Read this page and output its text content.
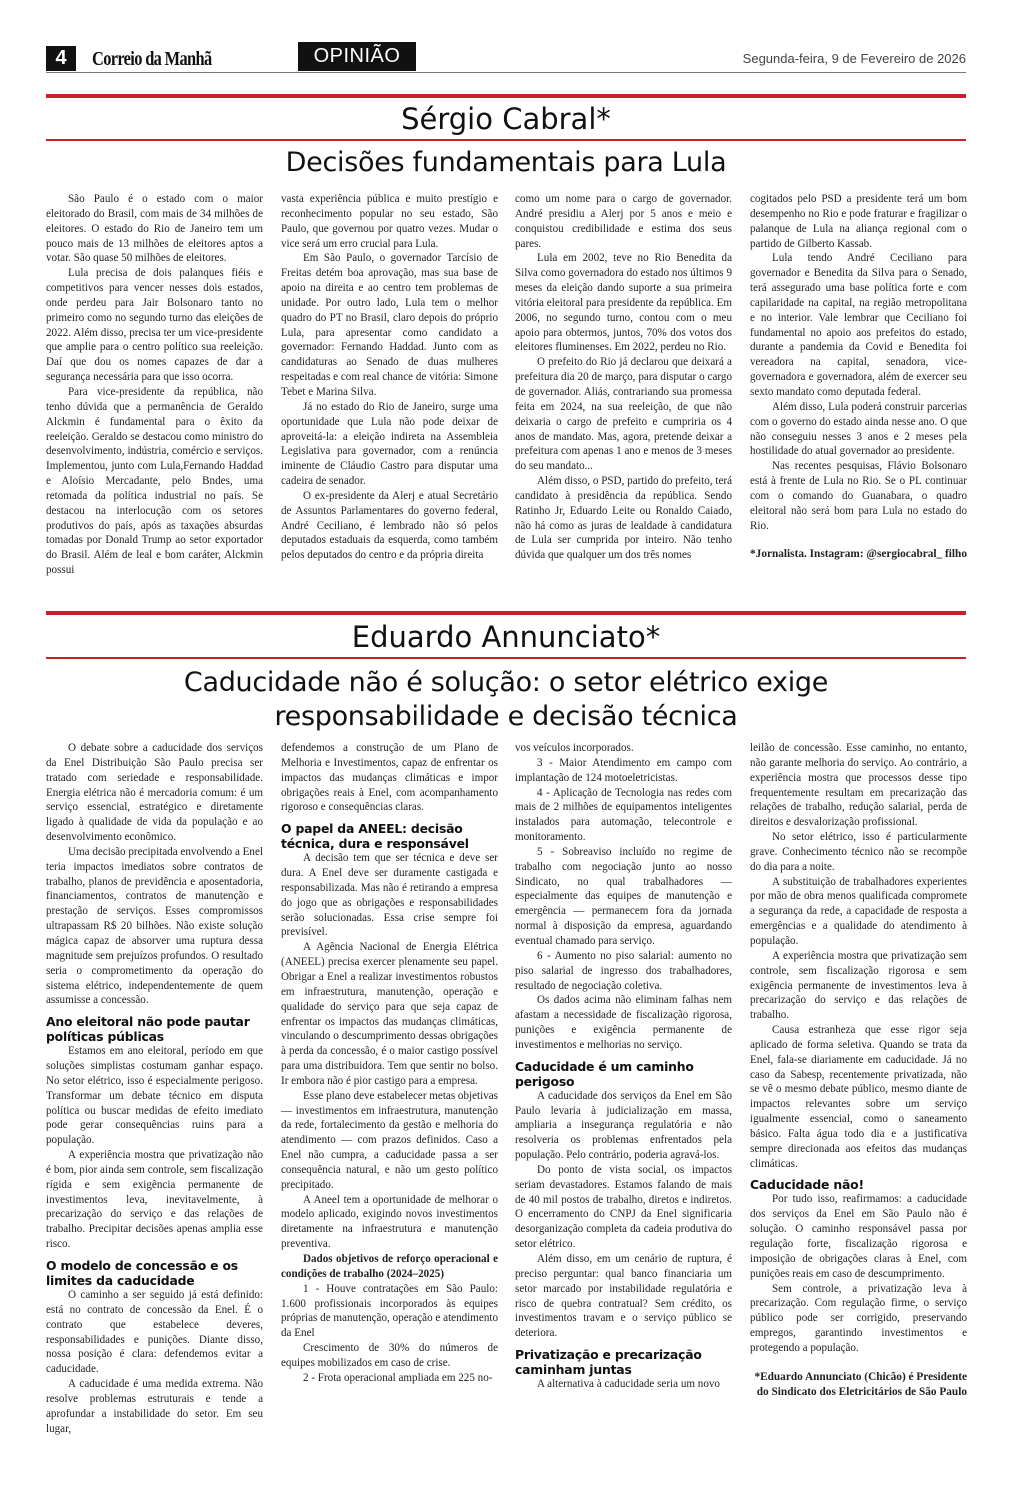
4	Correio da Manhã	OPINIÃO	Segunda-feira, 9 de Fevereiro de 2026
Sérgio Cabral*
Decisões fundamentais para Lula

São Paulo é o estado com o maior eleitorado do Brasil, com mais de 34 milhões de eleitores. O estado do Rio de Janeiro tem um pouco mais de 13 milhões de eleitores aptos a votar. São quase 50 milhões de eleitores.

Lula precisa de dois palanques fiéis e competitivos para vencer nesses dois estados, onde perdeu para Jair Bolsonaro tanto no primeiro como no segundo turno das eleições de 2022. Além disso, precisa ter um vice-presidente que amplie para o centro político sua reeleição. Daí que dou os nomes capazes de dar a segurança necessária para que isso ocorra.

Para vice-presidente da república, não tenho dúvida que a permanência de Geraldo Alckmin é fundamental para o êxito da reeleição. Geraldo se destacou como ministro do desenvolvimento, indústria, comércio e serviços. Implementou, junto com Lula,Fernando Haddad e Aloísio Mercadante, pelo Bndes, uma retomada da política industrial no país. Se destacou na interlocução com os setores produtivos do país, após as taxações absurdas tomadas por Donald Trump ao setor exportador do Brasil. Além de leal e bom caráter, Alckmin possui

vasta experiência pública e muito prestígio e reconhecimento popular no seu estado, São Paulo, que governou por quatro vezes. Mudar o vice será um erro crucial para Lula.

Em São Paulo, o governador Tarcísio de Freitas detém boa aprovação, mas sua base de apoio na direita e ao centro tem problemas de unidade. Por outro lado, Lula tem o melhor quadro do PT no Brasil, claro depois do próprio Lula, para apresentar como candidato a governador: Fernando Haddad. Junto com as candidaturas ao Senado de duas mulheres respeitadas e com real chance de vitória: Simone Tebet e Marina Silva.

Já no estado do Rio de Janeiro, surge uma oportunidade que Lula não pode deixar de aproveitá-la: a eleição indireta na Assembleia Legislativa para governador, com a renúncia iminente de Cláudio Castro para disputar uma cadeira de senador.

O ex-presidente da Alerj e atual Secretário de Assuntos Parlamentares do governo federal, André Ceciliano, é lembrado não só pelos deputados estaduais da esquerda, como também pelos deputados do centro e da própria direita

como um nome para o cargo de governador. André presidiu a Alerj por 5 anos e meio e conquistou credibilidade e estima dos seus pares.

Lula em 2002, teve no Rio Benedita da Silva como governadora do estado nos últimos 9 meses da eleição dando suporte a sua primeira vitória eleitoral para presidente da república. Em 2006, no segundo turno, contou com o meu apoio para obtermos, juntos, 70% dos votos dos eleitores fluminenses. Em 2022, perdeu no Rio.

O prefeito do Rio já declarou que deixará a prefeitura dia 20 de março, para disputar o cargo de governador. Aliás, contrariando sua promessa feita em 2024, na sua reeleição, de que não deixaria o cargo de prefeito e cumpriria os 4 anos de mandato. Mas, agora, pretende deixar a prefeitura com apenas 1 ano e menos de 3 meses do seu mandato...

Além disso, o PSD, partido do prefeito, terá candidato à presidência da república. Sendo Ratinho Jr, Eduardo Leite ou Ronaldo Caiado, não há como as juras de lealdade à candidatura de Lula ser cumprida por inteiro. Não tenho dúvida que qualquer um dos três nomes

cogitados pelo PSD a presidente terá um bom desempenho no Rio e pode fraturar e fragilizar o palanque de Lula na aliança regional com o partido de Gilberto Kassab.

Lula tendo André Ceciliano para governador e Benedita da Silva para o Senado, terá assegurado uma base política forte e com capilaridade na capital, na região metropolitana e no interior. Vale lembrar que Ceciliano foi fundamental no apoio aos prefeitos do estado, durante a pandemia da Covid e Benedita foi vereadora na capital, senadora, vice-governadora e governadora, além de exercer seu sexto mandato como deputada federal.

Além disso, Lula poderá construir parcerias com o governo do estado ainda nesse ano. O que não conseguiu nesses 3 anos e 2 meses pela hostilidade do atual governador ao presidente.

Nas recentes pesquisas, Flávio Bolsonaro está à frente de Lula no Rio. Se o PL continuar com o comando do Guanabara, o quadro eleitoral não será bom para Lula no estado do Rio.

*Jornalista. Instagram: @sergiocabral_ filho

Eduardo Annunciato*
Caducidade não é solução: o setor elétrico exige
responsabilidade e decisão técnica

O debate sobre a caducidade dos serviços da Enel Distribuição São Paulo precisa ser tratado com seriedade e responsabilidade. Energia elétrica não é mercadoria comum: é um serviço essencial, estratégico e diretamente ligado à qualidade de vida da população e ao desenvolvimento econômico.

Uma decisão precipitada envolvendo a Enel teria impactos imediatos sobre contratos de trabalho, planos de previdência e aposentadoria, financiamentos, contratos de manutenção e prestação de serviços. Esses compromissos ultrapassam R$ 20 bilhões. Não existe solução mágica capaz de absorver uma ruptura dessa magnitude sem prejuízos profundos. O resultado seria o comprometimento da operação do sistema elétrico, independentemente de quem assumisse a concessão.

Ano eleitoral não pode pautar políticas públicas

Estamos em ano eleitoral, período em que soluções simplistas costumam ganhar espaço. No setor elétrico, isso é especialmente perigoso. Transformar um debate técnico em disputa política ou buscar medidas de efeito imediato pode gerar consequências ruins para a população.

A experiência mostra que privatização não é bom, pior ainda sem controle, sem fiscalização rígida e sem exigência permanente de investimentos leva, inevitavelmente, à precarização do serviço e das relações de trabalho. Precipitar decisões apenas amplia esse risco.

O modelo de concessão e os limites da caducidade

O caminho a ser seguido já está definido: está no contrato de concessão da Enel. É o contrato que estabelece deveres, responsabilidades e punições. Diante disso, nossa posição é clara: defendemos evitar a caducidade.

A caducidade é uma medida extrema. Não resolve problemas estruturais e tende a aprofundar a instabilidade do setor. Em seu lugar,

defendemos a construção de um Plano de Melhoria e Investimentos, capaz de enfrentar os impactos das mudanças climáticas e impor obrigações reais à Enel, com acompanhamento rigoroso e consequências claras.

O papel da ANEEL: decisão técnica, dura e responsável

A decisão tem que ser técnica e deve ser dura. A Enel deve ser duramente castigada e responsabilizada. Mas não é retirando a empresa do jogo que as obrigações e responsabilidades serão solucionadas. Essa crise sempre foi previsível.

A Agência Nacional de Energia Elétrica (ANEEL) precisa exercer plenamente seu papel. Obrigar a Enel a realizar investimentos robustos em infraestrutura, manutenção, operação e qualidade do serviço para que seja capaz de enfrentar os impactos das mudanças climáticas, vinculando o descumprimento dessas obrigações à perda da concessão, é o maior castigo possível para uma distribuidora. Tem que sentir no bolso. Ir embora não é pior castigo para a empresa.

Esse plano deve estabelecer metas objetivas — investimentos em infraestrutura, manutenção da rede, fortalecimento da gestão e melhoria do atendimento — com prazos definidos. Caso a Enel não cumpra, a caducidade passa a ser consequência natural, e não um gesto político precipitado.

A Aneel tem a oportunidade de melhorar o modelo aplicado, exigindo novos investimentos diretamente na infraestrutura e manutenção preventiva.

Dados objetivos de reforço operacional e condições de trabalho (2024–2025)

1 - Houve contratações em São Paulo: 1.600 profissionais incorporados às equipes próprias de manutenção, operação e atendimento da Enel

Crescimento de 30% do números de equipes mobilizados em caso de crise.

2 - Frota operacional ampliada em 225 no-

vos veículos incorporados.

3 - Maior Atendimento em campo com implantação de 124 motoeletricistas.

4 - Aplicação de Tecnologia nas redes com mais de 2 milhões de equipamentos inteligentes instalados para automação, telecontrole e monitoramento.

5 - Sobreaviso incluído no regime de trabalho com negociação junto ao nosso Sindicato, no qual trabalhadores — especialmente das equipes de manutenção e emergência — permanecem fora da jornada normal à disposição da empresa, aguardando eventual chamado para serviço.

6 - Aumento no piso salarial: aumento no piso salarial de ingresso dos trabalhadores, resultado de negociação coletiva.

Os dados acima não eliminam falhas nem afastam a necessidade de fiscalização rigorosa, punições e exigência permanente de investimentos e melhorias no serviço.

Caducidade é um caminho perigoso

A caducidade dos serviços da Enel em São Paulo levaria à judicialização em massa, ampliaria a insegurança regulatória e não resolveria os problemas enfrentados pela população. Pelo contrário, poderia agravá-los.

Do ponto de vista social, os impactos seriam devastadores. Estamos falando de mais de 40 mil postos de trabalho, diretos e indiretos. O encerramento do CNPJ da Enel significaria desorganização completa da cadeia produtiva do setor elétrico.

Além disso, em um cenário de ruptura, é preciso perguntar: qual banco financiaria um setor marcado por instabilidade regulatória e risco de quebra contratual? Sem crédito, os investimentos travam e o serviço público se deteriora.

Privatização e precarização caminham juntas

A alternativa à caducidade seria um novo

leilão de concessão. Esse caminho, no entanto, não garante melhoria do serviço. Ao contrário, a experiência mostra que processos desse tipo frequentemente resultam em precarização das relações de trabalho, redução salarial, perda de direitos e desvalorização profissional.

No setor elétrico, isso é particularmente grave. Conhecimento técnico não se recompõe do dia para a noite.

A substituição de trabalhadores experientes por mão de obra menos qualificada compromete a segurança da rede, a capacidade de resposta a emergências e a qualidade do atendimento à população.

A experiência mostra que privatização sem controle, sem fiscalização rigorosa e sem exigência permanente de investimentos leva à precarização do serviço e das relações de trabalho.

Causa estranheza que esse rigor seja aplicado de forma seletiva. Quando se trata da Enel, fala-se diariamente em caducidade. Já no caso da Sabesp, recentemente privatizada, não se vê o mesmo debate público, mesmo diante de impactos relevantes sobre um serviço igualmente essencial, como o saneamento básico. Falta água todo dia e a justificativa sempre direcionada aos efeitos das mudanças climáticas.

Caducidade não!

Por tudo isso, reafirmamos: a caducidade dos serviços da Enel em São Paulo não é solução. O caminho responsável passa por regulação forte, fiscalização rigorosa e imposição de obrigações claras à Enel, com punições reais em caso de descumprimento.

Sem controle, a privatização leva à precarização. Com regulação firme, o serviço público pode ser corrigido, preservando empregos, garantindo investimentos e protegendo a população.

*Eduardo Annunciato (Chicão) é Presidente do Sindicato dos Eletricitários de São Paulo
